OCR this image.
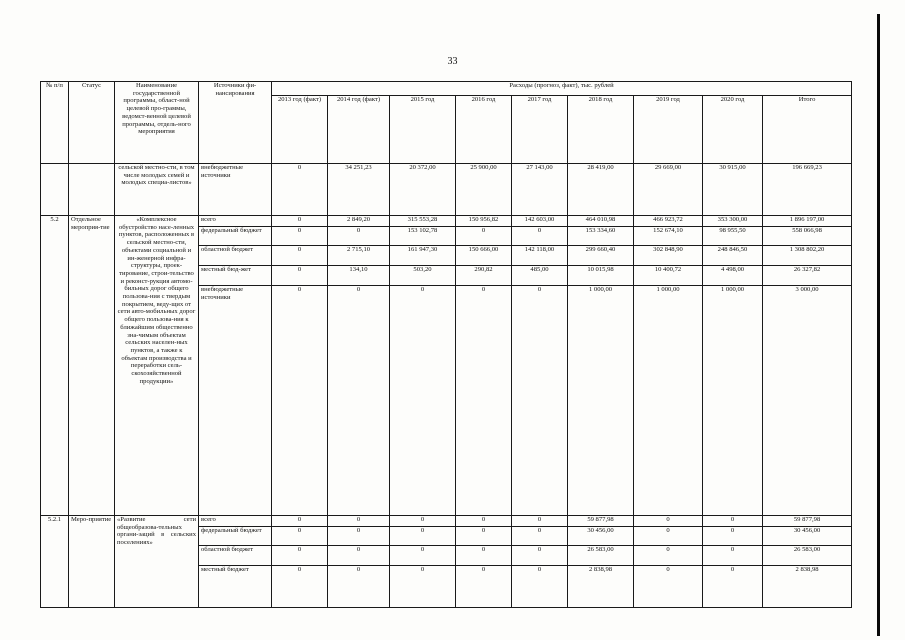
33
№ п/п	Статус	Наименование государственной программы, област-ной целевой про-граммы, ведомст-венной целевой программы, отдель-ного мероприятия	Источники фи-нансирования	Расходы (прогноз, факт), тыс. рублей								
				2013 год (факт)	2014 год (факт)	2015 год	2016 год	2017 год	2018 год	2019 год	2020 год	Итого
		сельской местно-сти, в том числе молодых семей и молодых специа-листов»	внебюджетные источники	0	34 251,23	20 372,00	25 900,00	27 143,00	28 419,00	29 669,00	30 915,00	196 669,23
5.2	Отдельное мероприя-тие	«Комплексное обустройство насе-ленных пунктов, расположенных в сельской местно-сти, объектами социальной и ин-женерной инфра-структуры, проек-тирование, строи-тельство и реконст-рукция автомо-бильных дорог общего пользова-ния с твердым покрытием, веду-щих от сети авто-мобильных дорог общего пользова-ния к ближайшим общественно зна-чимым объектам сельских населен-ных пунктов, а также к объектам производства и переработки сель-скохозяйственной продукции»	всего	0	2 849,20	315 553,28	150 956,82	142 603,00	464 010,98	466 923,72	353 300,00	1 896 197,00
			федеральный бюджет	0	0	153 102,78	0	0	153 334,60	152 674,10	98 955,50	558 066,98
			областной бюджет	0	2 715,10	161 947,30	150 666,00	142 118,00	299 660,40	302 848,90	248 846,50	1 308 802,20
			местный бюд-жет	0	134,10	503,20	290,82	485,00	10 015,98	10 400,72	4 498,00	26 327,82
			внебюджетные источники	0	0	0	0	0	1 000,00	1 000,00	1 000,00	3 000,00
5.2.1	Меро-приятие	«Развитие сети общеобразова-тельных органи-заций в сельских поселениях»	всего	0	0	0	0	0	59 877,98	0	0	59 877,98
			федеральный бюджет	0	0	0	0	0	30 456,00	0	0	30 456,00
			областной бюджет	0	0	0	0	0	26 583,00	0	0	26 583,00
			местный бюджет	0	0	0	0	0	2 838,98	0	0	2 838,98
